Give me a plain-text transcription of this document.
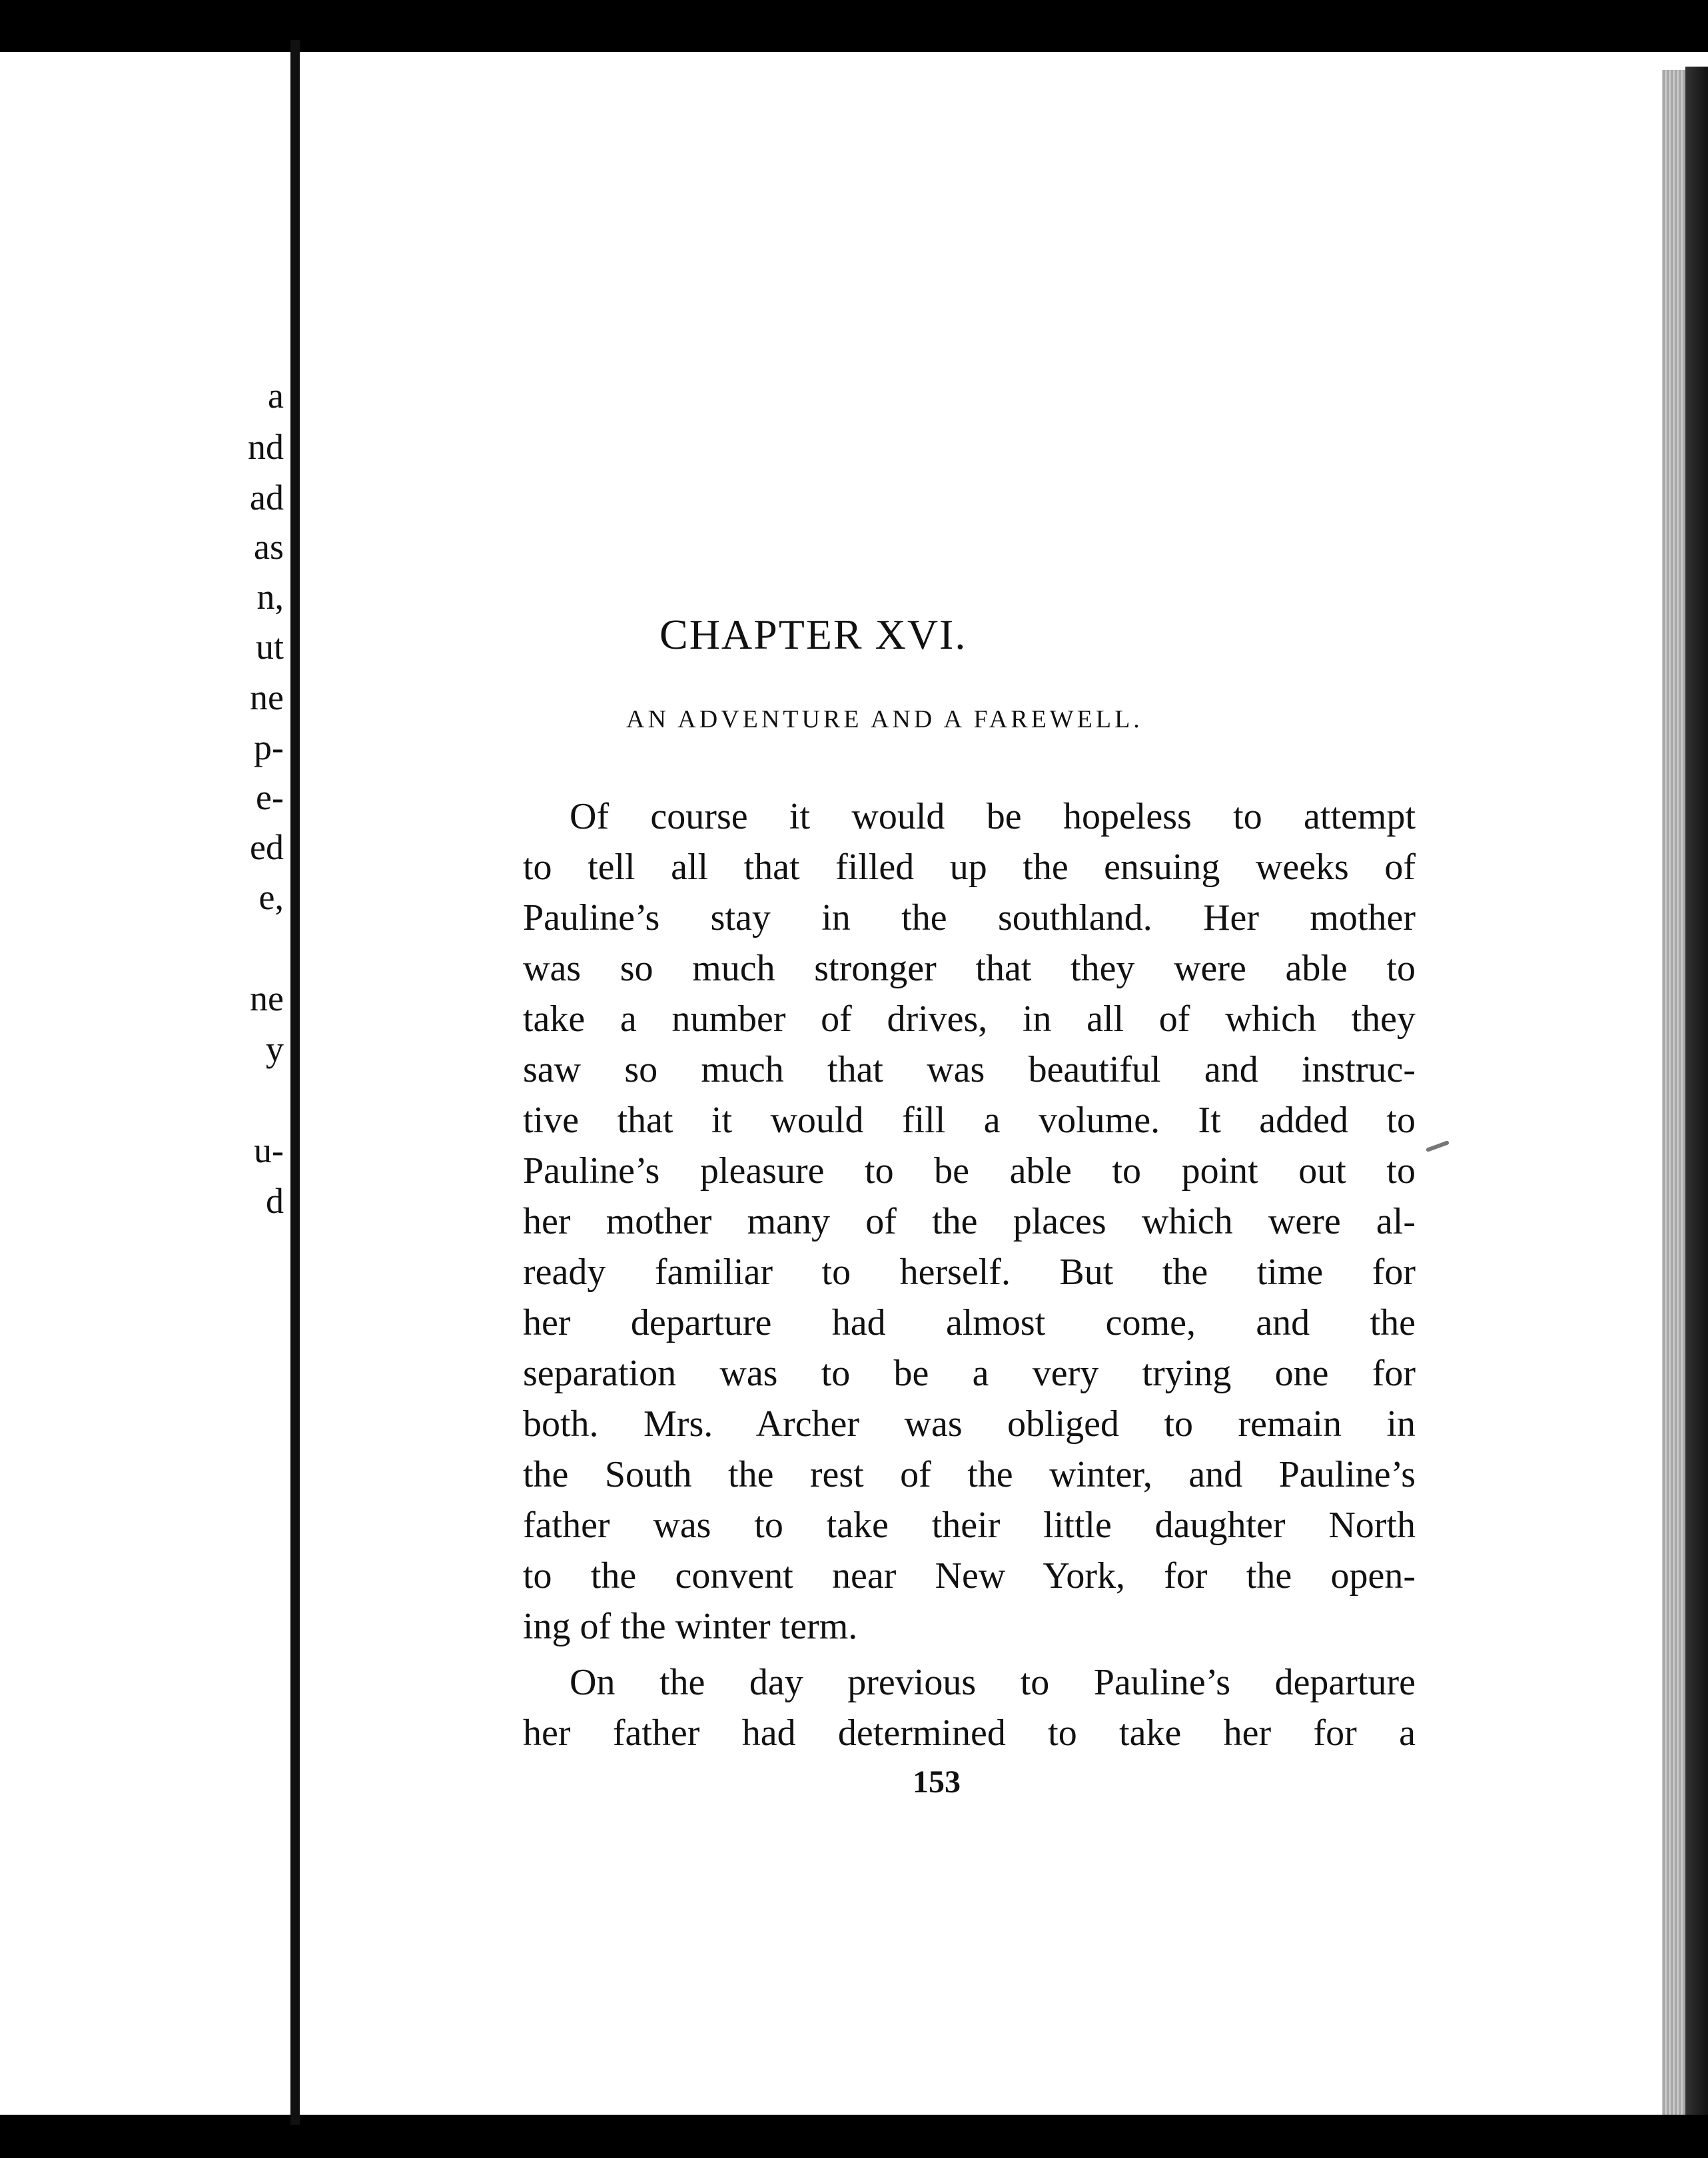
a
nd
ad
as
n,
ut
ne
p-
e-
ed
e,
ne
y
u-
d
CHAPTER XVI.
AN ADVENTURE AND A FAREWELL.

Of course it would be hopeless to attempt
to tell all that filled up the ensuing weeks of
Pauline’s stay in the southland. Her mother
was so much stronger that they were able to
take a number of drives, in all of which they
saw so much that was beautiful and instruc-
tive that it would fill a volume. It added to
Pauline’s pleasure to be able to point out to
her mother many of the places which were al-
ready familiar to herself. But the time for
her departure had almost come, and the
separation was to be a very trying one for
both. Mrs. Archer was obliged to remain in
the South the rest of the winter, and Pauline’s
father was to take their little daughter North
to the convent near New York, for the open-
ing of the winter term.

On the day previous to Pauline’s departure
her father had determined to take her for a

153
